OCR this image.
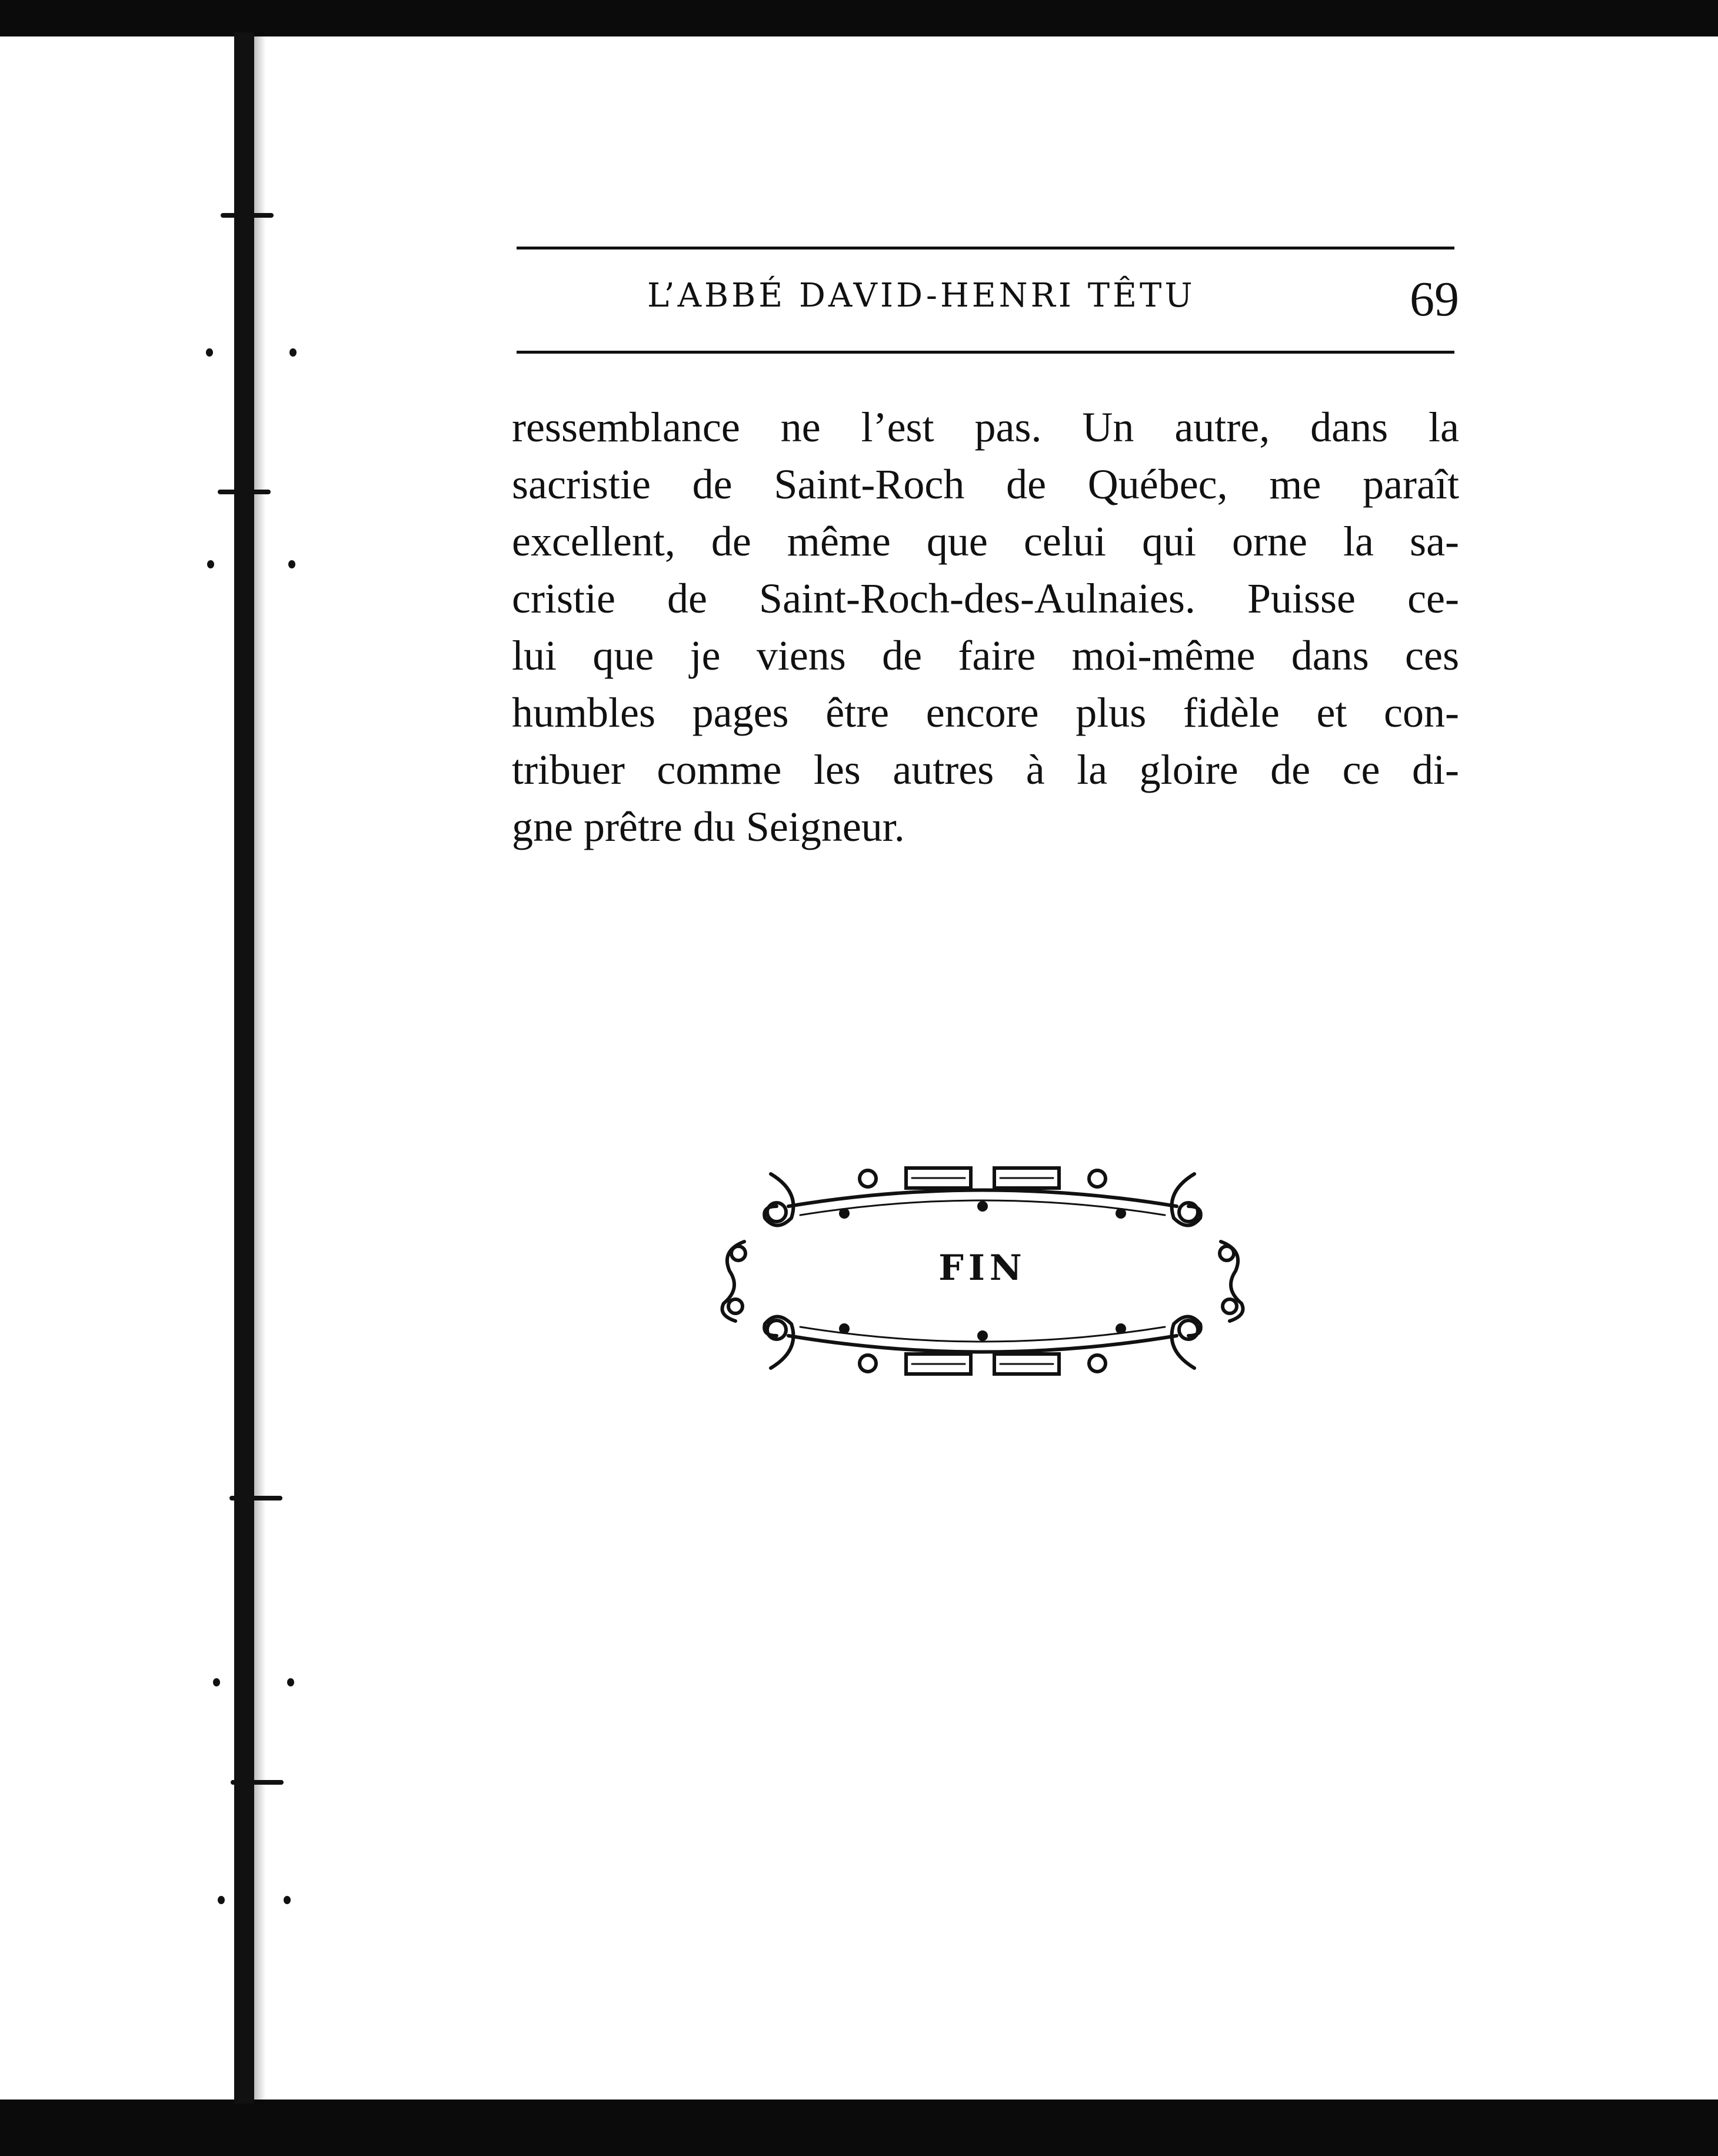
L’ABBÉ DAVID-HENRI TÊTU	69
ressemblance ne l’est pas. Un autre, dans la
sacristie de Saint-Roch de Québec, me paraît
excellent, de même que celui qui orne la sa-
cristie de Saint-Roch-des-Aulnaies. Puisse ce-
lui que je viens de faire moi-même dans ces
humbles pages être encore plus fidèle et con-
tribuer comme les autres à la gloire de ce di-
gne prêtre du Seigneur.
FIN
